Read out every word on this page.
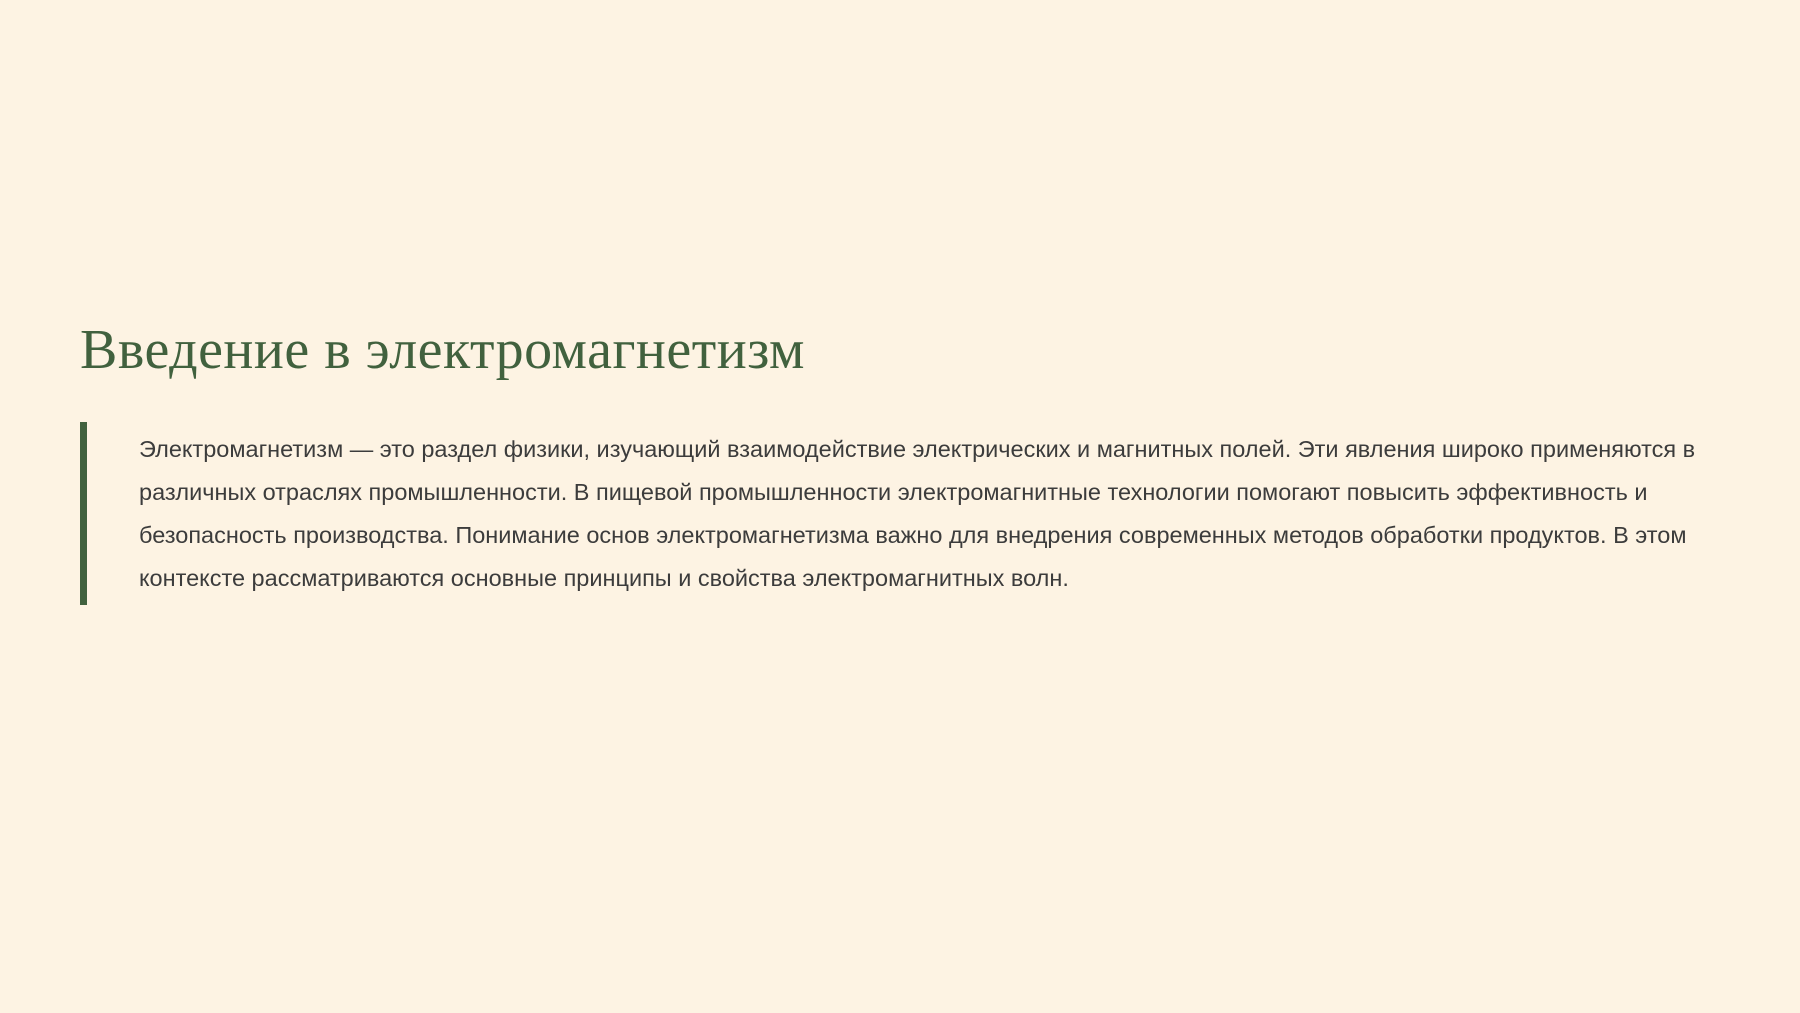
Введение в электромагнетизм

Электромагнетизм — это раздел физики, изучающий взаимодействие электрических и магнитных полей. Эти явления широко применяются в различных отраслях промышленности. В пищевой промышленности электромагнитные технологии помогают повысить эффективность и безопасность производства. Понимание основ электромагнетизма важно для внедрения современных методов обработки продуктов. В этом контексте рассматриваются основные принципы и свойства электромагнитных волн.
